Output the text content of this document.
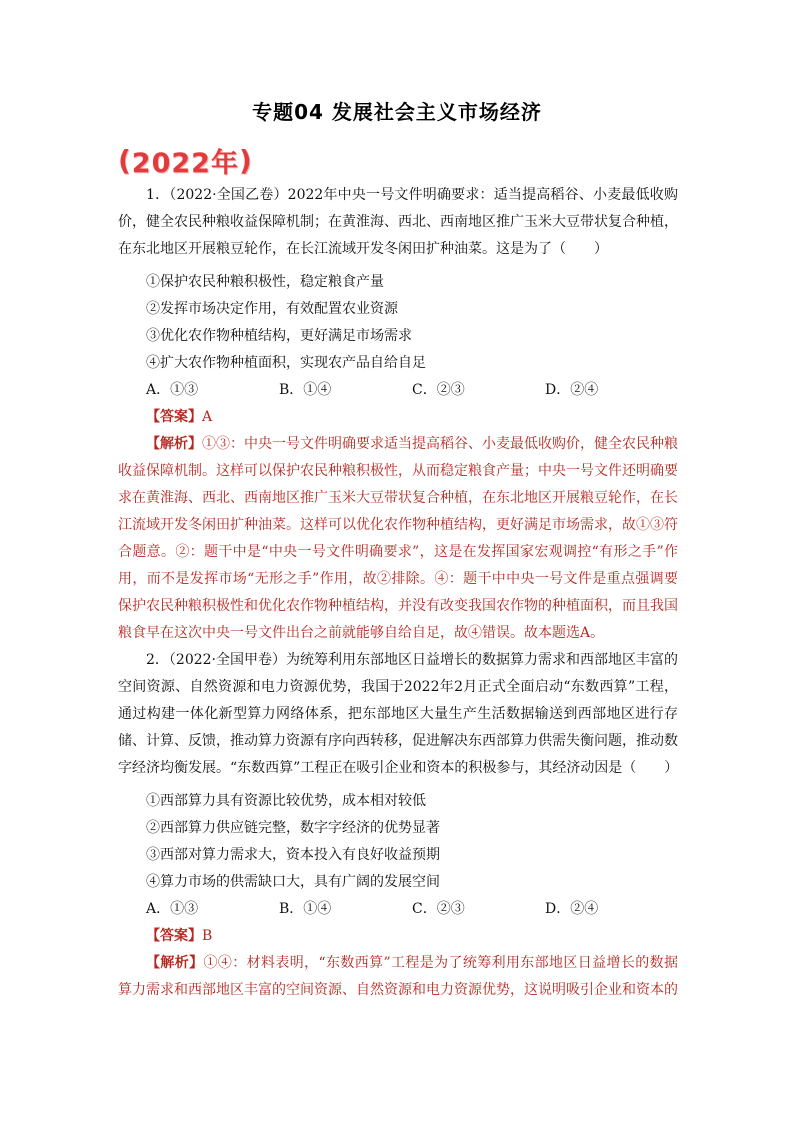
专题04 发展社会主义市场经济
( 2022年 )

1．（2022·全国乙卷）2022年中央一号文件明确要求：适当提高稻谷、小麦最低收购价，健全农民种粮收益保障机制；在黄淮海、西北、西南地区推广玉米大豆带状复合种植，在东北地区开展粮豆轮作，在长江流域开发冬闲田扩种油菜。这是为了（　　）

①保护农民种粮积极性，稳定粮食产量

②发挥市场决定作用，有效配置农业资源

③优化农作物种植结构，更好满足市场需求

④扩大农作物种植面积，实现农产品自给自足

A．①③	B．①④	C．②③	D．②④
【答案】A

【解析】①③：中央一号文件明确要求适当提高稻谷、小麦最低收购价，健全农民种粮收益保障机制。这样可以保护农民种粮积极性，从而稳定粮食产量；中央一号文件还明确要求在黄淮海、西北、西南地区推广玉米大豆带状复合种植，在东北地区开展粮豆轮作，在长江流域开发冬闲田扩种油菜。这样可以优化农作物种植结构，更好满足市场需求，故①③符合题意。②：题干中是“中央一号文件明确要求”，这是在发挥国家宏观调控“有形之手”作用，而不是发挥市场“无形之手”作用，故②排除。④：题干中中央一号文件是重点强调要保护农民种粮积极性和优化农作物种植结构，并没有改变我国农作物的种植面积，而且我国粮食早在这次中央一号文件出台之前就能够自给自足，故④错误。故本题选A。

2．（2022·全国甲卷）为统筹利用东部地区日益增长的数据算力需求和西部地区丰富的空间资源、自然资源和电力资源优势，我国于2022年2月正式全面启动“东数西算”工程，通过构建一体化新型算力网络体系，把东部地区大量生产生活数据输送到西部地区进行存储、计算、反馈，推动算力资源有序向西转移，促进解决东西部算力供需失衡问题，推动数字经济均衡发展。“东数西算”工程正在吸引企业和资本的积极参与，其经济动因是（　　）

①西部算力具有资源比较优势，成本相对较低

②西部算力供应链完整，数字字经济的优势显著

③西部对算力需求大，资本投入有良好收益预期

④算力市场的供需缺口大，具有广阔的发展空间

A．①③	B．①④	C．②③	D．②④
【答案】B

【解析】①④：材料表明，“东数西算”工程是为了统筹利用东部地区日益增长的数据算力需求和西部地区丰富的空间资源、自然资源和电力资源优势，这说明吸引企业和资本的
